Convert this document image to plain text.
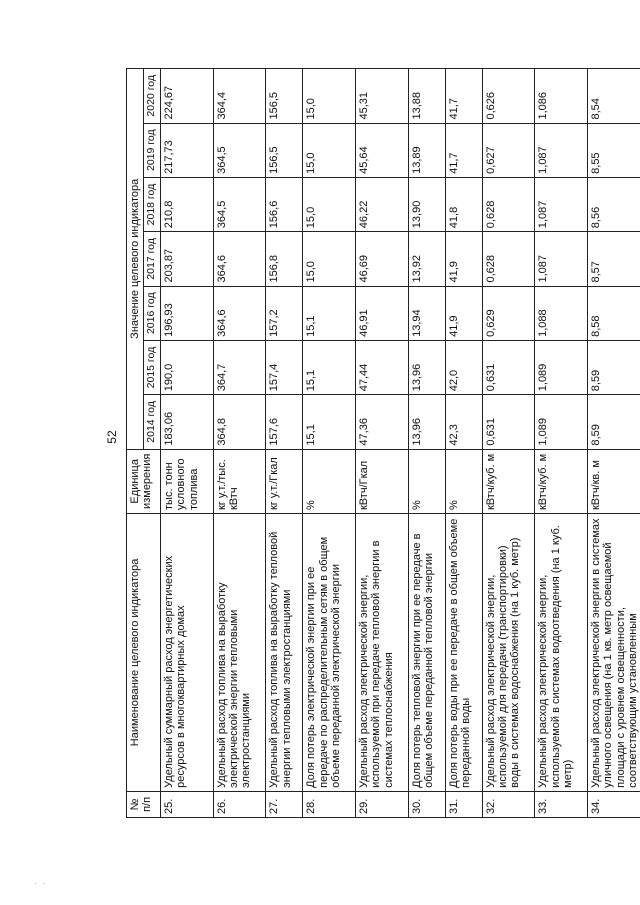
52
· ·
№ п/п	Наименование целевого индикатора	Единица измерения	Значение целевого индикатора						
			2014 год	2015 год	2016 год	2017 год	2018 год	2019 год	2020 год
25.	Удельный суммарный расход энергетических ресурсов в многоквартирных домах	тыс. тонн условного топлива	183,06	190,0	196,93	203,87	210,8	217,73	224,67
26.	Удельный расход топлива на выработку электрической энергии тепловыми электростанциями	кг у.т./тыс. кВтч	364,8	364,7	364,6	364,6	364,5	364,5	364,4
27.	Удельный расход топлива на выработку тепловой энергии тепловыми электростанциями	кг у.т./Гкал	157,6	157,4	157,2	156,8	156,6	156,5	156,5
28.	Доля потерь электрической энергии при ее передаче по распределительным сетям в общем объеме переданной электрической энергии	%	15,1	15,1	15,1	15,0	15,0	15,0	15,0
29.	Удельный расход электрической энергии, используемой при передаче тепловой энергии в системах теплоснабжения	кВтч/Гкал	47,36	47,44	46,91	46,69	46,22	45,64	45,31
30.	Доля потерь тепловой энергии при ее передаче в общем объеме переданной тепловой энергии	%	13,96	13,96	13,94	13,92	13,90	13,89	13,88
31.	Доля потерь воды при ее передаче в общем объеме переданной воды	%	42,3	42,0	41,9	41,9	41,8	41,7	41,7
32.	Удельный расход электрической энергии, используемой для передачи (транспортировки) воды в системах водоснабжения (на 1 куб. метр)	кВтч/куб. м	0,631	0,631	0,629	0,628	0,628	0,627	0,626
33.	Удельный расход электрической энергии, используемой в системах водоотведения (на 1 куб. метр)	кВтч/куб. м	1,089	1,089	1,088	1,087	1,087	1,087	1,086
34.	Удельный расход электрической энергии в системах уличного освещения (на 1 кв. метр освещаемой площади с уровнем освещенности, соответствующим установленным	кВтч/кв. м	8,59	8,59	8,58	8,57	8,56	8,55	8,54
